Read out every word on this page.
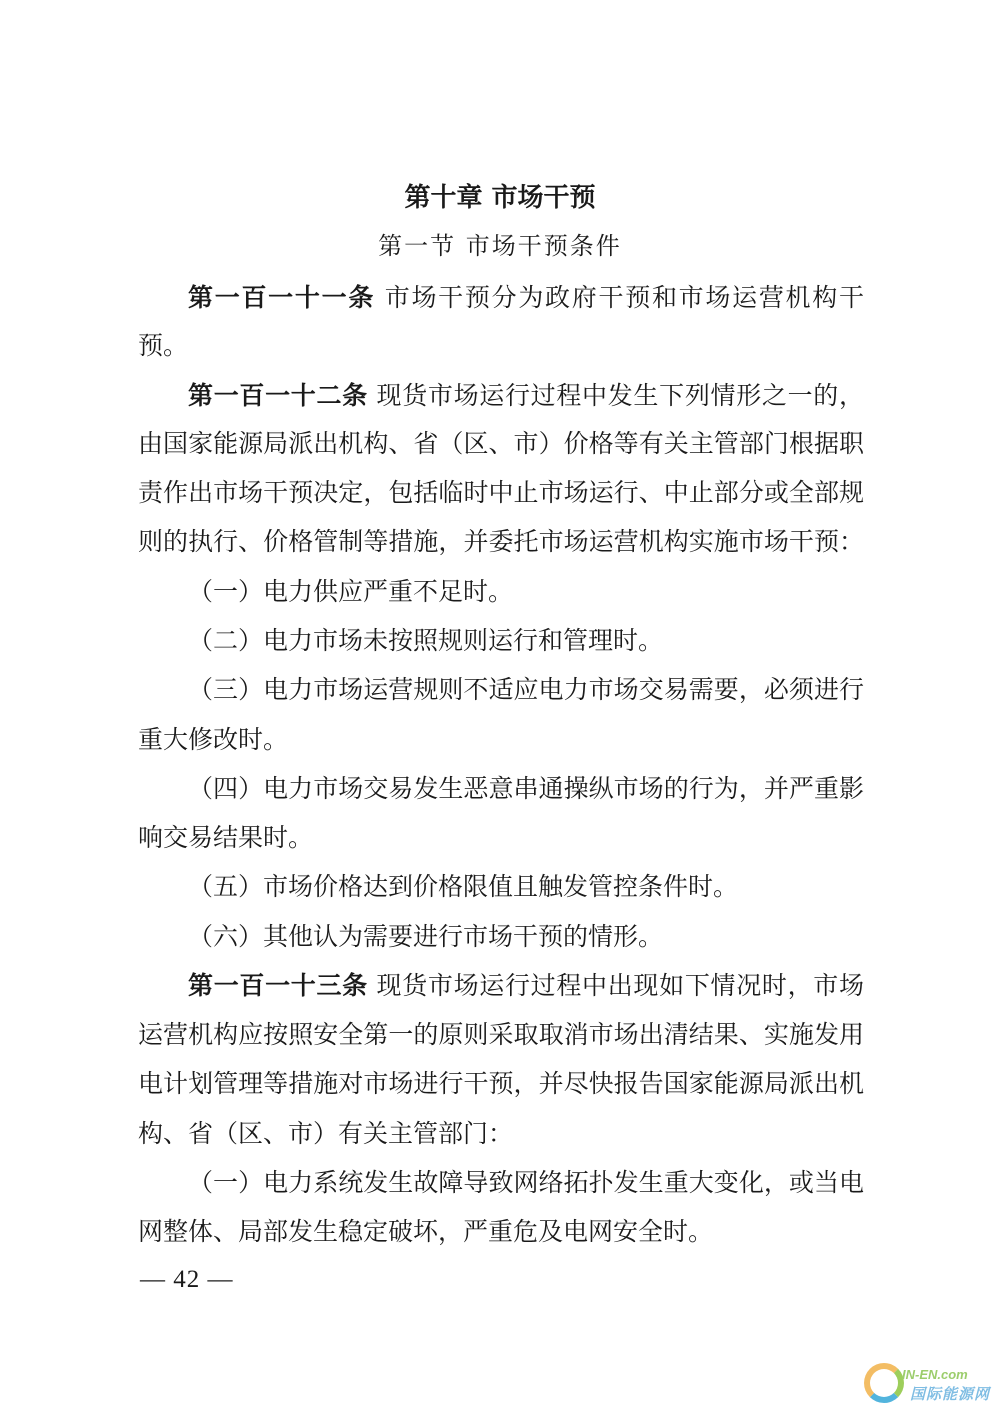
第十章 市场干预
第一节 市场干预条件
第一百一十一条 市场干预分为政府干预和市场运营机构干
预。
第一百一十二条 现货市场运行过程中发生下列情形之一的，
由国家能源局派出机构、省（区、市）价格等有关主管部门根据职
责作出市场干预决定，包括临时中止市场运行、中止部分或全部规
则的执行、价格管制等措施，并委托市场运营机构实施市场干预：
（一）电力供应严重不足时。
（二）电力市场未按照规则运行和管理时。
（三）电力市场运营规则不适应电力市场交易需要，必须进行
重大修改时。
（四）电力市场交易发生恶意串通操纵市场的行为，并严重影
响交易结果时。
（五）市场价格达到价格限值且触发管控条件时。
（六）其他认为需要进行市场干预的情形。
第一百一十三条 现货市场运行过程中出现如下情况时，市场
运营机构应按照安全第一的原则采取取消市场出清结果、实施发用
电计划管理等措施对市场进行干预，并尽快报告国家能源局派出机
构、省（区、市）有关主管部门：
（一）电力系统发生故障导致网络拓扑发生重大变化，或当电
网整体、局部发生稳定破坏，严重危及电网安全时。
— 42 —
IN-EN.com
国际能源网
